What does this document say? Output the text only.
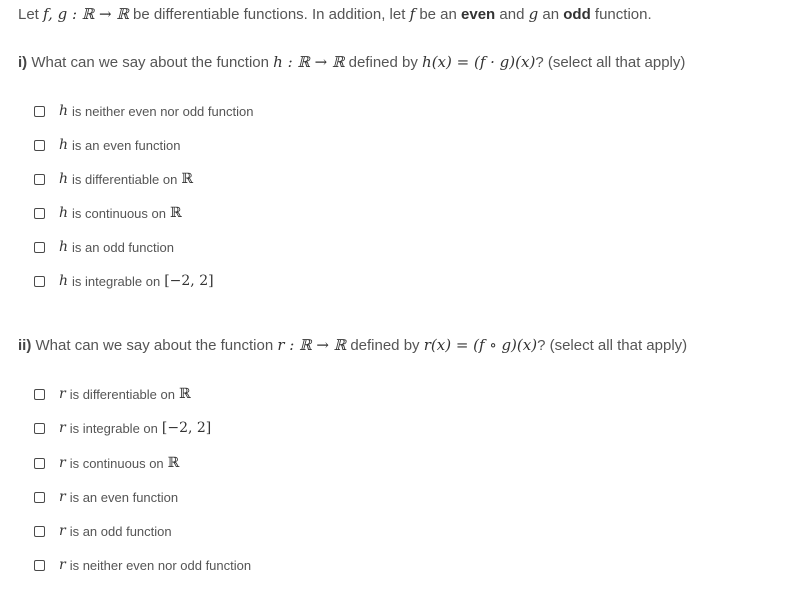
Let f, g : ℝ → ℝ be differentiable functions. In addition, let f be an even and g an odd function.
i) What can we say about the function h : ℝ → ℝ defined by h(x) = (f · g)(x)? (select all that apply)
h is neither even nor odd function
h is an even function
h is differentiable on ℝ
h is continuous on ℝ
h is an odd function
h is integrable on [−2, 2]
ii) What can we say about the function r : ℝ → ℝ defined by r(x) = (f ∘ g)(x)? (select all that apply)
r is differentiable on ℝ
r is integrable on [−2, 2]
r is continuous on ℝ
r is an even function
r is an odd function
r is neither even nor odd function
